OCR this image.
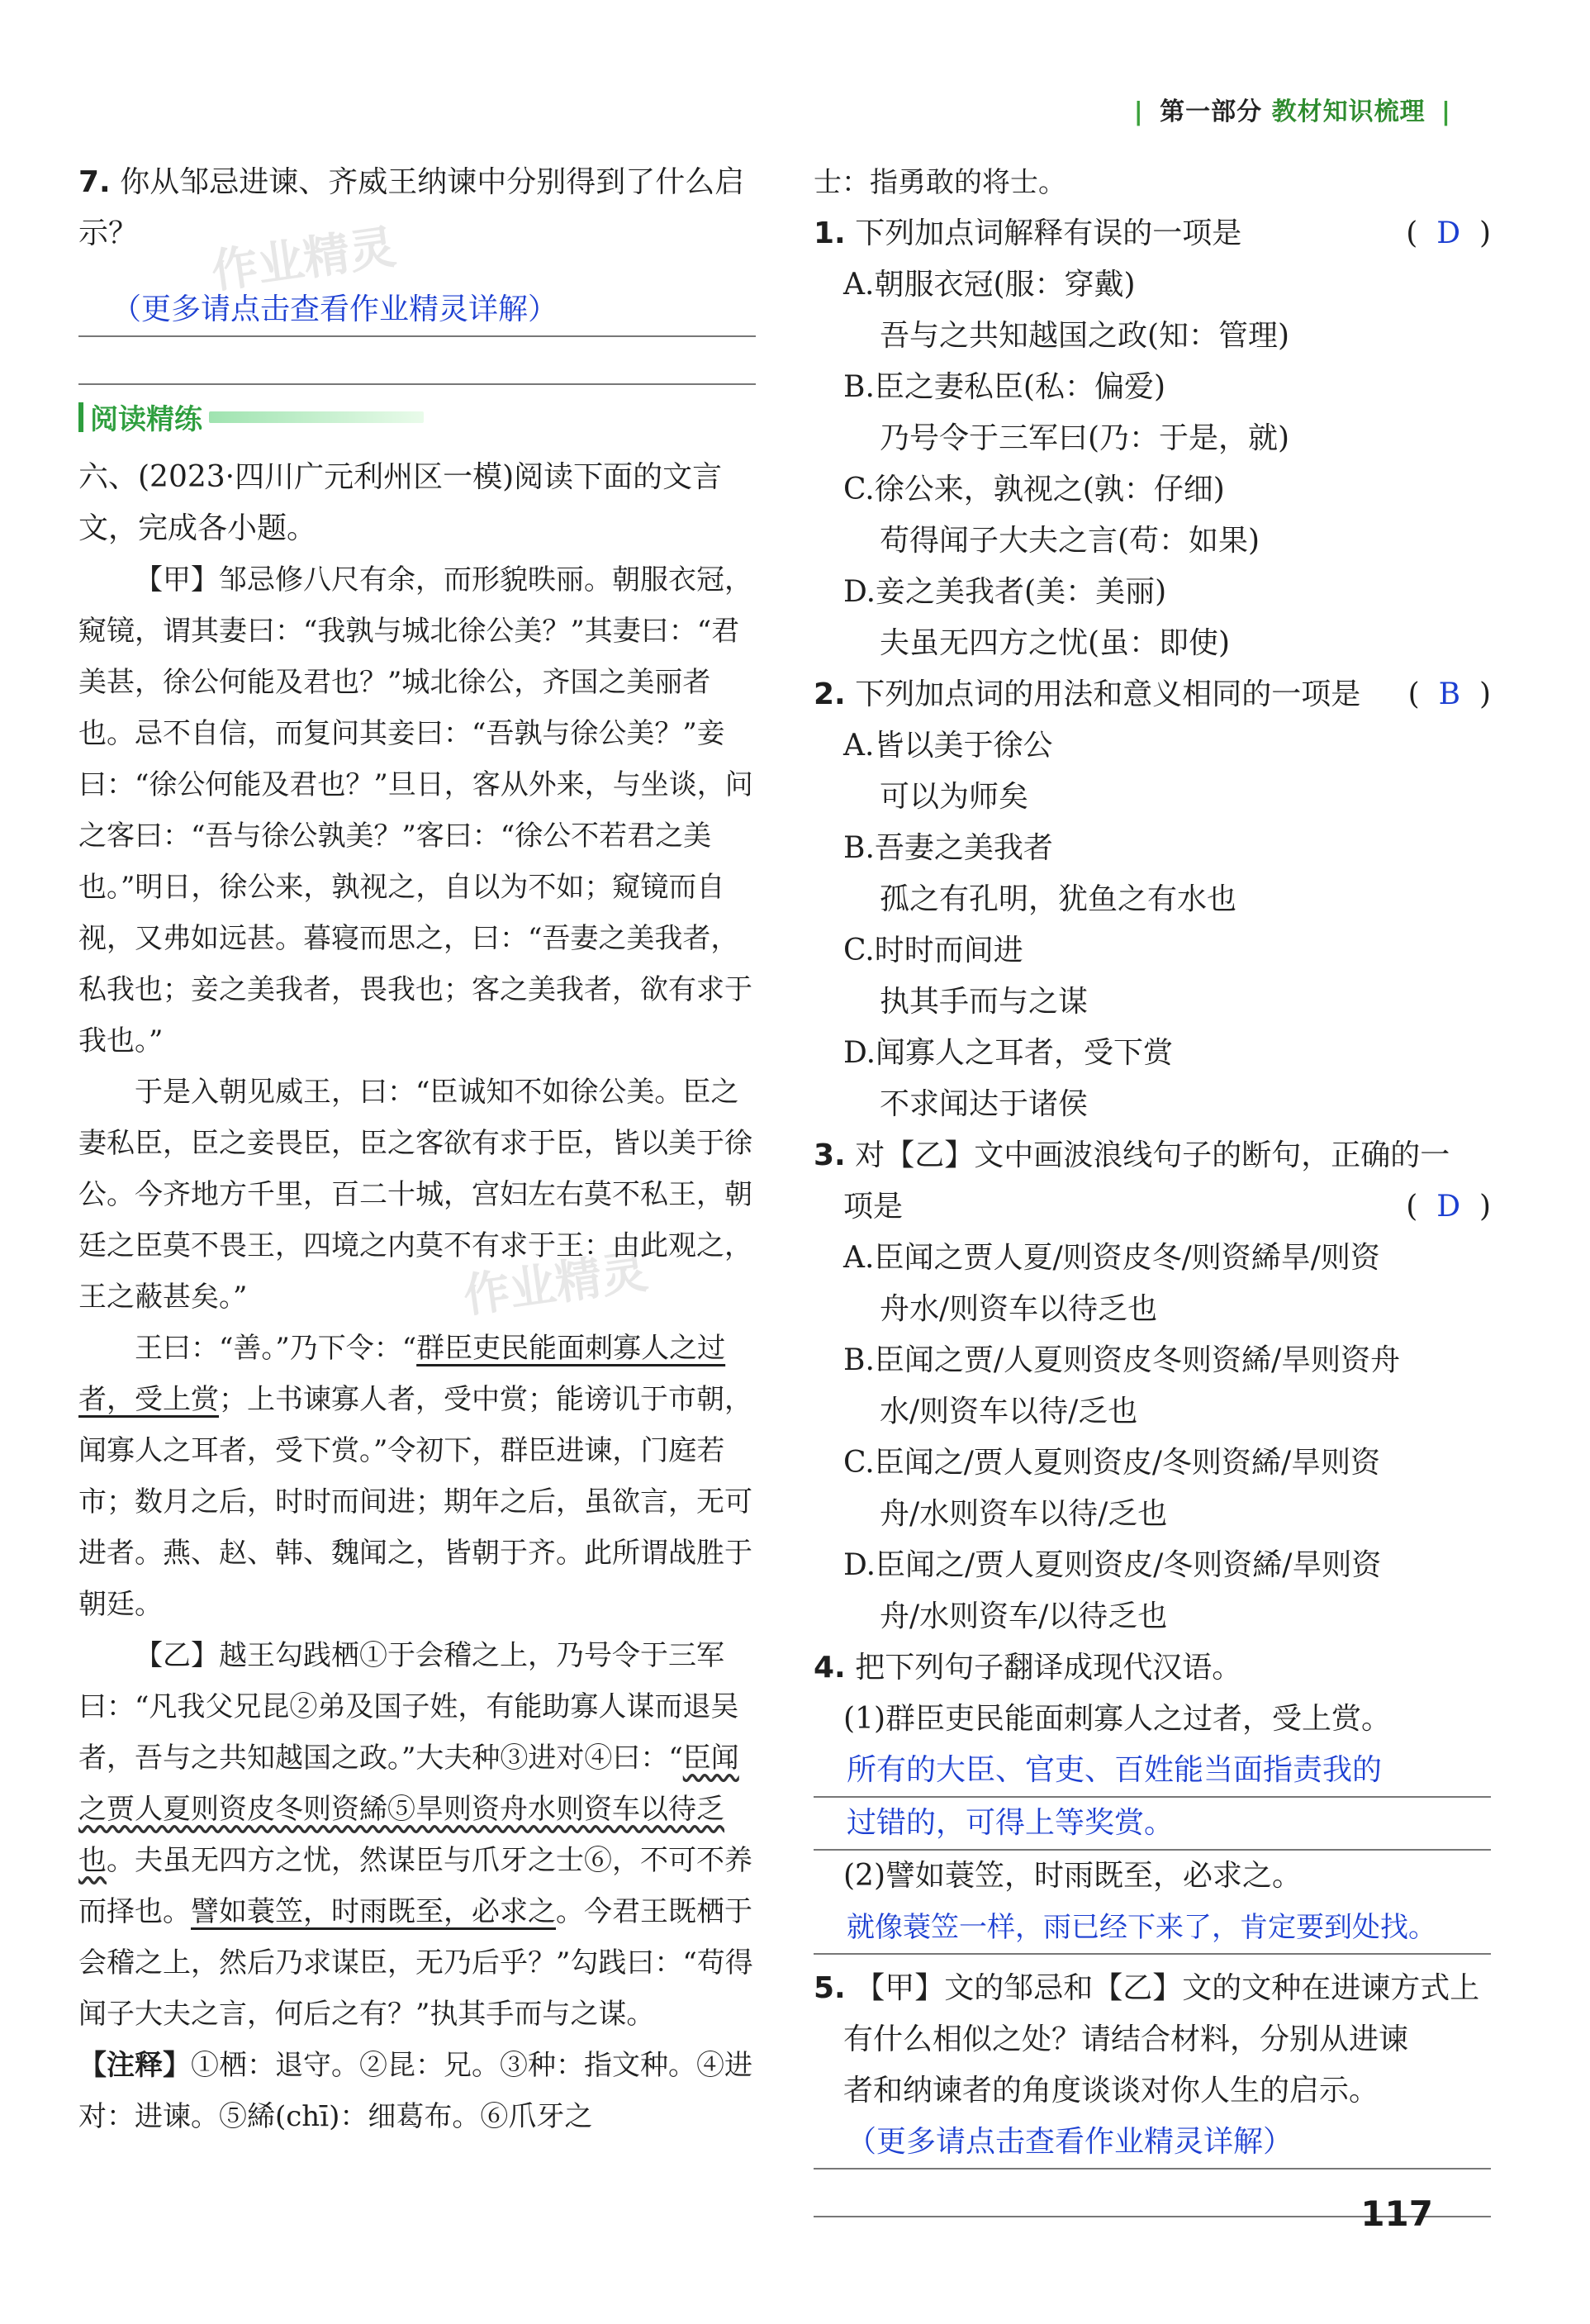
| 第一部分 教材知识梳理 |
作业精灵
作业精灵
7. 你从邹忌进谏、齐威王纳谏中分别得到了什么启示？
（更多请点击查看作业精灵详解）
阅读精练

六、(2023·四川广元利州区一模)阅读下面的文言文，完成各小题。

【甲】邹忌修八尺有余，而形貌昳丽。朝服衣冠，窥镜，谓其妻曰：“我孰与城北徐公美？”其妻曰：“君美甚，徐公何能及君也？”城北徐公，齐国之美丽者也。忌不自信，而复问其妾曰：“吾孰与徐公美？”妾曰：“徐公何能及君也？”旦日，客从外来，与坐谈，问之客曰：“吾与徐公孰美？”客曰：“徐公不若君之美也。”明日，徐公来，孰视之，自以为不如；窥镜而自视，又弗如远甚。暮寝而思之，曰：“吾妻之美我者，私我也；妾之美我者，畏我也；客之美我者，欲有求于我也。”

于是入朝见威王，曰：“臣诚知不如徐公美。臣之妻私臣，臣之妾畏臣，臣之客欲有求于臣，皆以美于徐公。今齐地方千里，百二十城，宫妇左右莫不私王，朝廷之臣莫不畏王，四境之内莫不有求于王：由此观之，王之蔽甚矣。”

王曰：“善。”乃下令：“群臣吏民能面刺寡人之过者，受上赏；上书谏寡人者，受中赏；能谤讥于市朝，闻寡人之耳者，受下赏。”令初下，群臣进谏，门庭若市；数月之后，时时而间进；期年之后，虽欲言，无可进者。燕、赵、韩、魏闻之，皆朝于齐。此所谓战胜于朝廷。

【乙】越王勾践栖①于会稽之上，乃号令于三军曰：“凡我父兄昆②弟及国子姓，有能助寡人谋而退吴者，吾与之共知越国之政。”大夫种③进对④曰：“臣闻之贾人夏则资皮冬则资絺⑤旱则资舟水则资车以待乏也。夫虽无四方之忧，然谋臣与爪牙之士⑥，不可不养而择也。譬如蓑笠，时雨既至，必求之。今君王既栖于会稽之上，然后乃求谋臣，无乃后乎？”勾践曰：“苟得闻子大夫之言，何后之有？”执其手而与之谋。

【注释】①栖：退守。②昆：兄。③种：指文种。④进对：进谏。⑤絺(chī)：细葛布。⑥爪牙之

士：指勇敢的将士。

1. 下列加点词解释有误的一项是	(  D  )
A.朝服衣冠(服：穿戴)
吾与之共知越国之政(知：管理)
B.臣之妻私臣(私：偏爱)
乃号令于三军曰(乃：于是，就)
C.徐公来，孰视之(孰：仔细)
苟得闻子大夫之言(苟：如果)
D.妾之美我者(美：美丽)
夫虽无四方之忧(虽：即使)
2. 下列加点词的用法和意义相同的一项是 (  B  )
A.皆以美于徐公
可以为师矣
B.吾妻之美我者
孤之有孔明，犹鱼之有水也
C.时时而间进
执其手而与之谋
D.闻寡人之耳者，受下赏
不求闻达于诸侯
3. 对【乙】文中画波浪线句子的断句，正确的一
项是	(  D  )
A.臣闻之贾人夏/则资皮冬/则资絺旱/则资
舟水/则资车以待乏也
B.臣闻之贾/人夏则资皮冬则资絺/旱则资舟
水/则资车以待/乏也
C.臣闻之/贾人夏则资皮/冬则资絺/旱则资
舟/水则资车以待/乏也
D.臣闻之/贾人夏则资皮/冬则资絺/旱则资
舟/水则资车/以待乏也
4. 把下列句子翻译成现代汉语。
(1)群臣吏民能面刺寡人之过者，受上赏。
所有的大臣、官吏、百姓能当面指责我的
过错的，可得上等奖赏。
(2)譬如蓑笠，时雨既至，必求之。
就像蓑笠一样，雨已经下来了，肯定要到处找。
5. 【甲】文的邹忌和【乙】文的文种在进谏方式上
有什么相似之处？请结合材料，分别从进谏
者和纳谏者的角度谈谈对你人生的启示。
（更多请点击查看作业精灵详解）
117
